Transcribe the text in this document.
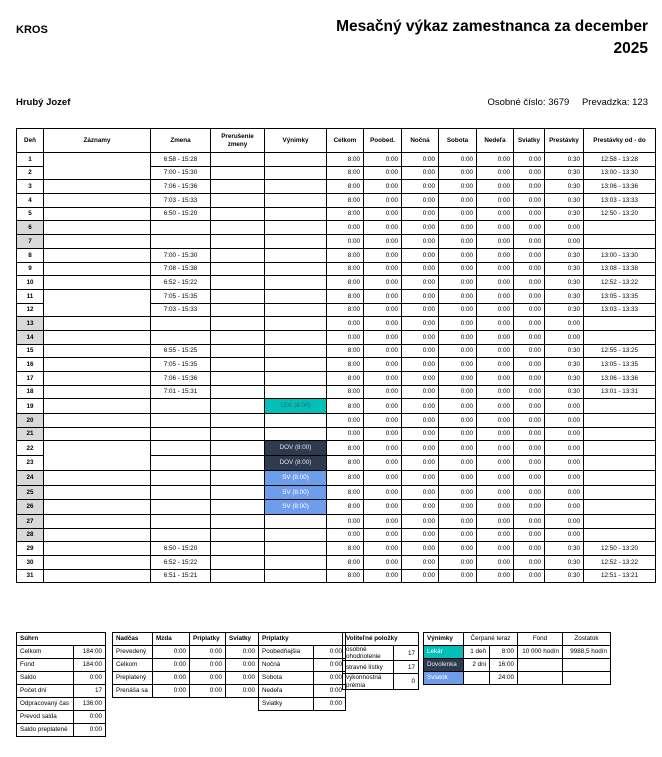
KROS	Mesačný výkaz zamestnanca za december
2025
Hrubý Jozef	Osobné číslo: 3679 Prevadzka: 123
Deň	Záznamy	Zmena	Prerušenie zmeny	Výnimky	Celkom	Poobed.	Nočná	Sobota	Nedeľa	Sviatky	Prestávky	Prestávky od - do
1		6:58 - 15:28			8:00	0:00	0:00	0:00	0:00	0:00	0:30	12:58 - 13:28
2		7:00 - 15:30			8:00	0:00	0:00	0:00	0:00	0:00	0:30	13:00 - 13:30
3		7:06 - 15:36			8:00	0:00	0:00	0:00	0:00	0:00	0:30	13:06 - 13:36
4		7:03 - 15:33			8:00	0:00	0:00	0:00	0:00	0:00	0:30	13:03 - 13:33
5		6:50 - 15:20			8:00	0:00	0:00	0:00	0:00	0:00	0:30	12:50 - 13:20
6					0:00	0:00	0:00	0:00	0:00	0:00	0:00	
7					0:00	0:00	0:00	0:00	0:00	0:00	0:00	
8		7:00 - 15:30			8:00	0:00	0:00	0:00	0:00	0:00	0:30	13:00 - 13:30
9		7:08 - 15:38			8:00	0:00	0:00	0:00	0:00	0:00	0:30	13:08 - 13:38
10		6:52 - 15:22			8:00	0:00	0:00	0:00	0:00	0:00	0:30	12:52 - 13:22
11		7:05 - 15:35			8:00	0:00	0:00	0:00	0:00	0:00	0:30	13:05 - 13:35
12		7:03 - 15:33			8:00	0:00	0:00	0:00	0:00	0:00	0:30	13:03 - 13:33
13					0:00	0:00	0:00	0:00	0:00	0:00	0:00	
14					0:00	0:00	0:00	0:00	0:00	0:00	0:00	
15		6:55 - 15:25			8:00	0:00	0:00	0:00	0:00	0:00	0:30	12:55 - 13:25
16		7:05 - 15:35			8:00	0:00	0:00	0:00	0:00	0:00	0:30	13:05 - 13:35
17		7:06 - 15:36			8:00	0:00	0:00	0:00	0:00	0:00	0:30	13:06 - 13:36
18		7:01 - 15:31			8:00	0:00	0:00	0:00	0:00	0:00	0:30	13:01 - 13:31
19				LEK (8:00)	8:00	0:00	0:00	0:00	0:00	0:00	0:00	
20					0:00	0:00	0:00	0:00	0:00	0:00	0:00	
21					0:00	0:00	0:00	0:00	0:00	0:00	0:00	
22				DOV (8:00)	8:00	0:00	0:00	0:00	0:00	0:00	0:00	
23				DOV (8:00)	8:00	0:00	0:00	0:00	0:00	0:00	0:00	
24				SV (8:00)	8:00	0:00	0:00	0:00	0:00	0:00	0:00	
25				SV (8:00)	8:00	0:00	0:00	0:00	0:00	0:00	0:00	
26				SV (8:00)	8:00	0:00	0:00	0:00	0:00	0:00	0:00	
27					0:00	0:00	0:00	0:00	0:00	0:00	0:00	
28					0:00	0:00	0:00	0:00	0:00	0:00	0:00	
29		6:50 - 15:20			8:00	0:00	0:00	0:00	0:00	0:00	0:30	12:50 - 13:20
30		6:52 - 15:22			8:00	0:00	0:00	0:00	0:00	0:00	0:30	12:52 - 13:22
31		6:51 - 15:21			8:00	0:00	0:00	0:00	0:00	0:00	0:30	12:51 - 13:21
Súhrn	
Celkom	184:00
Fond	184:00
Saldo	0:00
Počet dní	17
Odpracovaný čas	136:00
Prevod salda	0:00
Saldo preplatené	0:00
Nadčas	Mzda	Príplatky	Sviatky
Prevedený	0:00	0:00	0:00
Celkom	0:00	0:00	0:00
Preplatený	0:00	0:00	0:00
Prenáša sa	0:00	0:00	0:00
Príplatky	
Poobedňajšia	0:00
Nočná	0:00
Sobota	0:00
Nedeľa	0:00
Sviatky	0:00
Voliteľné položky	
osobné ohodnotenie	17
stravné lístky	17
výkonnostná prémia	0
Výnimky	Čerpané teraz		Fond	Zostatok
Lekár	1 deň	8:00	10 000 hodín	9988,5 hodín
Dovolenka	2 dni	16:00		
Sviatok		24:00		
